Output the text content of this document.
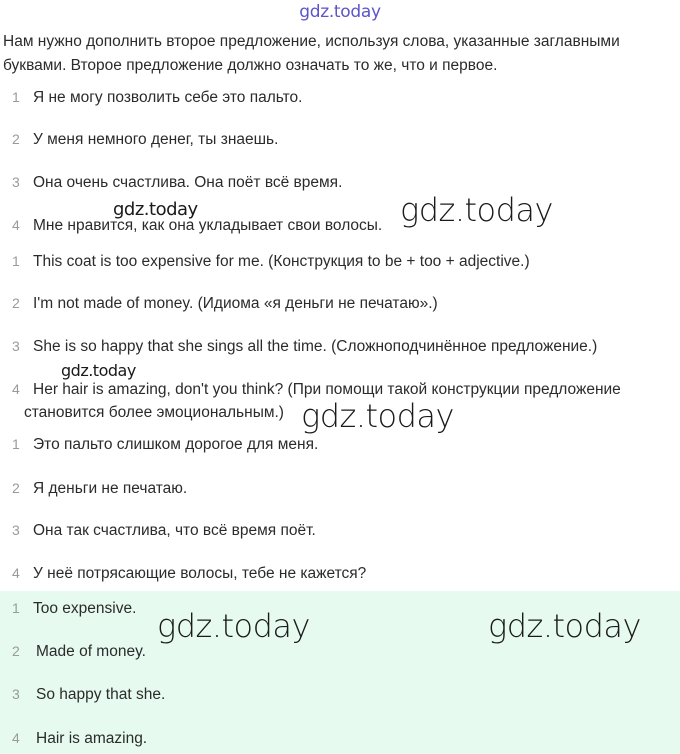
gdz.today
Нам нужно дополнить второе предложение, используя слова, указанные заглавными буквами. Второе предложение должно означать то же, что и первое.
1 Я не могу позволить себе это пальто.
2 У меня немного денег, ты знаешь.
3 Она очень счастлива. Она поёт всё время.
4 Мне нравится, как она укладывает свои волосы.
1 This coat is too expensive for me. (Конструкция to be + too + adjective.)
2 I'm not made of money. (Идиома «я деньги не печатаю».)
3 She is so happy that she sings all the time. (Сложноподчинённое предложение.)
4 Her hair is amazing, don't you think? (При помощи такой конструкции предложение становится более эмоциональным.)
1 Это пальто слишком дорогое для меня.
2 Я деньги не печатаю.
3 Она так счастлива, что всё время поёт.
4 У неё потрясающие волосы, тебе не кажется?
1 Too expensive.
2 Made of money.
3 So happy that she.
4 Hair is amazing.
gdz.today	gdz.today
gdz.today
gdz.today
gdz.today	gdz.today
